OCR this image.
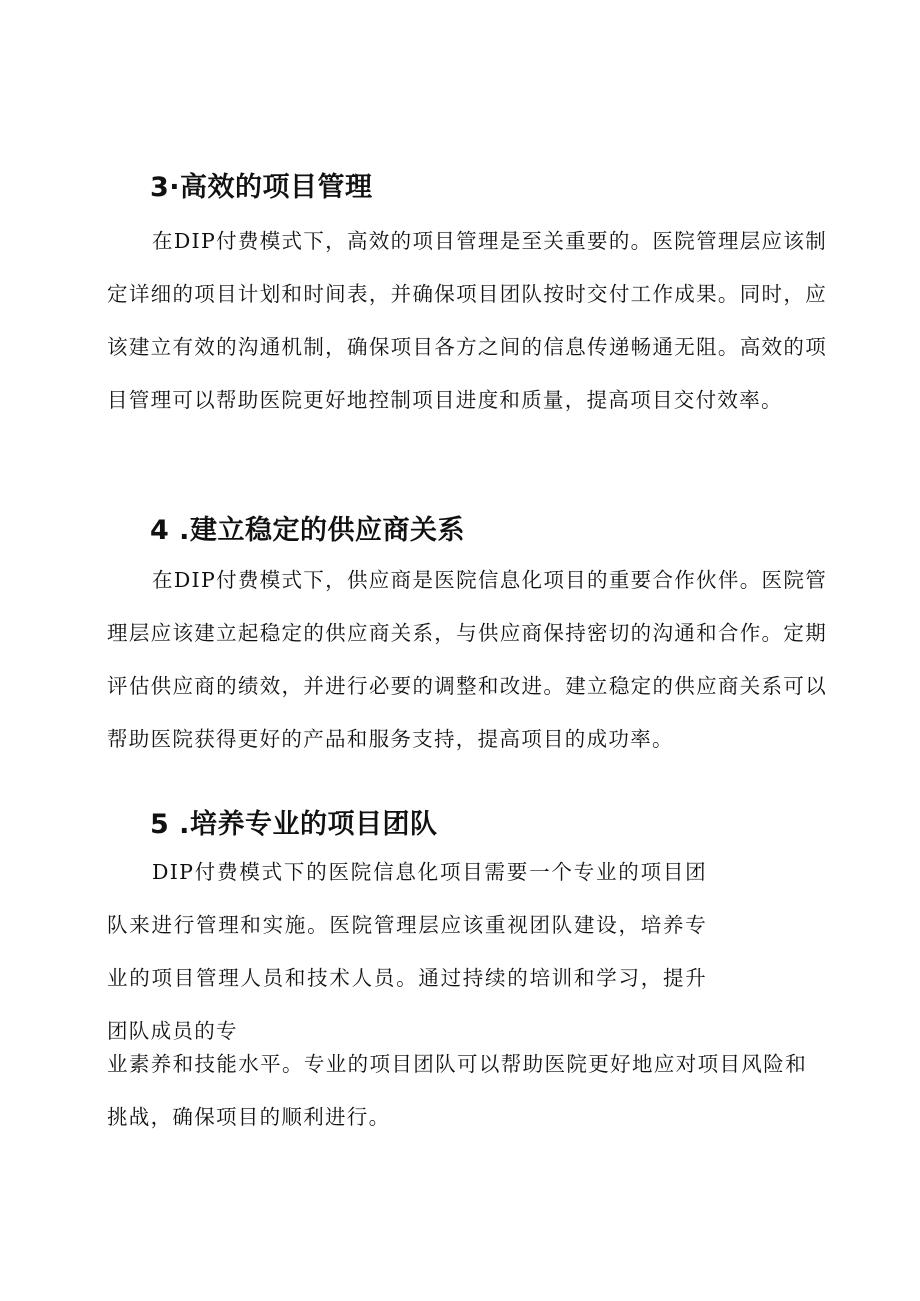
3·高效的项目管理

在DIP付费模式下，高效的项目管理是至关重要的。医院管理层应该制定详细的项目计划和时间表，并确保项目团队按时交付工作成果。同时，应该建立有效的沟通机制，确保项目各方之间的信息传递畅通无阻。高效的项目管理可以帮助医院更好地控制项目进度和质量，提高项目交付效率。

4 .建立稳定的供应商关系

在DIP付费模式下，供应商是医院信息化项目的重要合作伙伴。医院管理层应该建立起稳定的供应商关系，与供应商保持密切的沟通和合作。定期评估供应商的绩效，并进行必要的调整和改进。建立稳定的供应商关系可以帮助医院获得更好的产品和服务支持，提高项目的成功率。

5 .培养专业的项目团队

DIP付费模式下的医院信息化项目需要一个专业的项目团队来进行管理和实施。医院管理层应该重视团队建设，培养专业的项目管理人员和技术人员。通过持续的培训和学习，提升团队成员的专

业素养和技能水平。专业的项目团队可以帮助医院更好地应对项目风险和挑战，确保项目的顺利进行。
